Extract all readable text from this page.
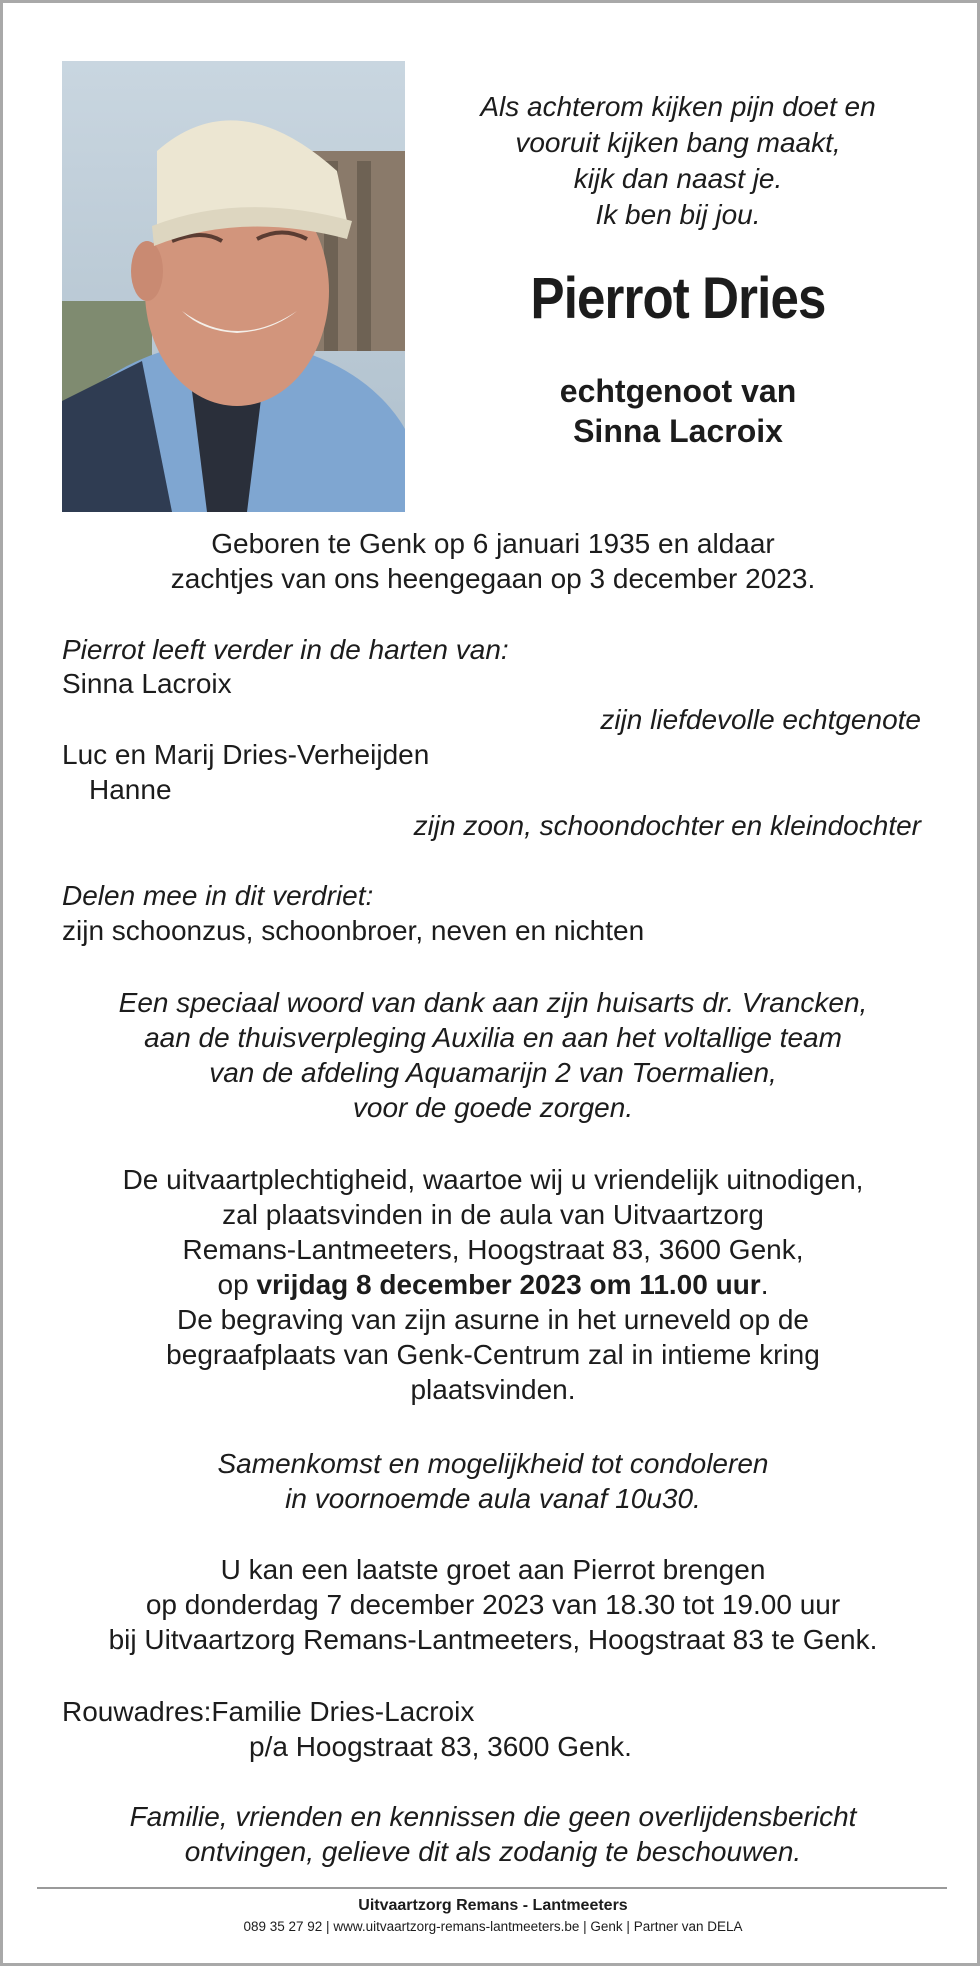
Als achterom kijken pijn doet en
vooruit kijken bang maakt,
kijk dan naast je.
Ik ben bij jou.
Pierrot Dries
echtgenoot van
Sinna Lacroix
Geboren te Genk op 6 januari 1935 en aldaar
zachtjes van ons heengegaan op 3 december 2023.
Pierrot leeft verder in de harten van:
Sinna Lacroix
zijn liefdevolle echtgenote
Luc en Marij Dries-Verheijden
Hanne
zijn zoon, schoondochter en kleindochter
Delen mee in dit verdriet:
zijn schoonzus, schoonbroer, neven en nichten
Een speciaal woord van dank aan zijn huisarts dr. Vrancken,
aan de thuisverpleging Auxilia en aan het voltallige team
van de afdeling Aquamarijn 2 van Toermalien,
voor de goede zorgen.
De uitvaartplechtigheid, waartoe wij u vriendelijk uitnodigen,
zal plaatsvinden in de aula van Uitvaartzorg
Remans-Lantmeeters, Hoogstraat 83, 3600 Genk,
op vrijdag 8 december 2023 om 11.00 uur.
De begraving van zijn asurne in het urneveld op de
begraafplaats van Genk-Centrum zal in intieme kring
plaatsvinden.
Samenkomst en mogelijkheid tot condoleren
in voornoemde aula vanaf 10u30.
U kan een laatste groet aan Pierrot brengen
op donderdag 7 december 2023 van 18.30 tot 19.00 uur
bij Uitvaartzorg Remans-Lantmeeters, Hoogstraat 83 te Genk.
Rouwadres:Familie Dries-Lacroix
p/a Hoogstraat 83, 3600 Genk.
Familie, vrienden en kennissen die geen overlijdensbericht
ontvingen, gelieve dit als zodanig te beschouwen.
Uitvaartzorg Remans - Lantmeeters
089 35 27 92 | www.uitvaartzorg-remans-lantmeeters.be | Genk | Partner van DELA
